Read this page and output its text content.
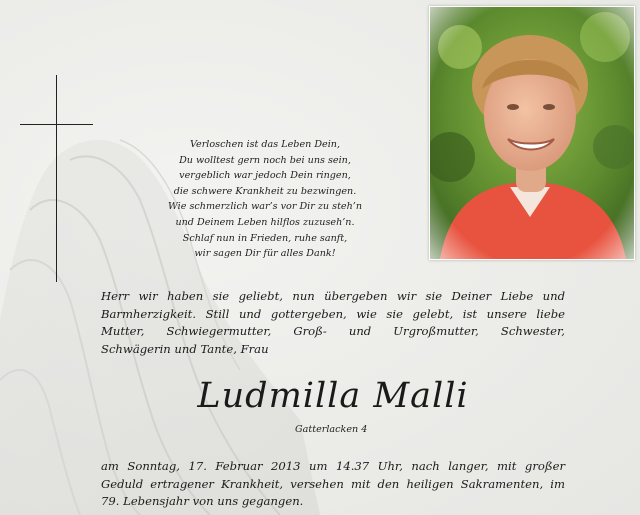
Verloschen ist das Leben Dein,
Du wolltest gern noch bei uns sein,
vergeblich war jedoch Dein ringen,
die schwere Krankheit zu bezwingen.
Wie schmerzlich war’s vor Dir zu steh’n
und Deinem Leben hilflos zuzuseh’n.
Schlaf nun in Frieden, ruhe sanft,
wir sagen Dir für alles Dank!
Herr wir haben sie geliebt, nun übergeben wir sie Deiner Liebe und
Barmherzigkeit. Still und gottergeben, wie sie gelebt, ist unsere liebe
Mutter, Schwiegermutter, Groß- und Urgroßmutter, Schwester,
Schwägerin und Tante, Frau
Ludmilla Malli
Gatterlacken 4
am Sonntag, 17. Februar 2013 um 14.37 Uhr, nach langer, mit großer
Geduld ertragener Krankheit, versehen mit den heiligen Sakramenten, im
79. Lebensjahr von uns gegangen.
